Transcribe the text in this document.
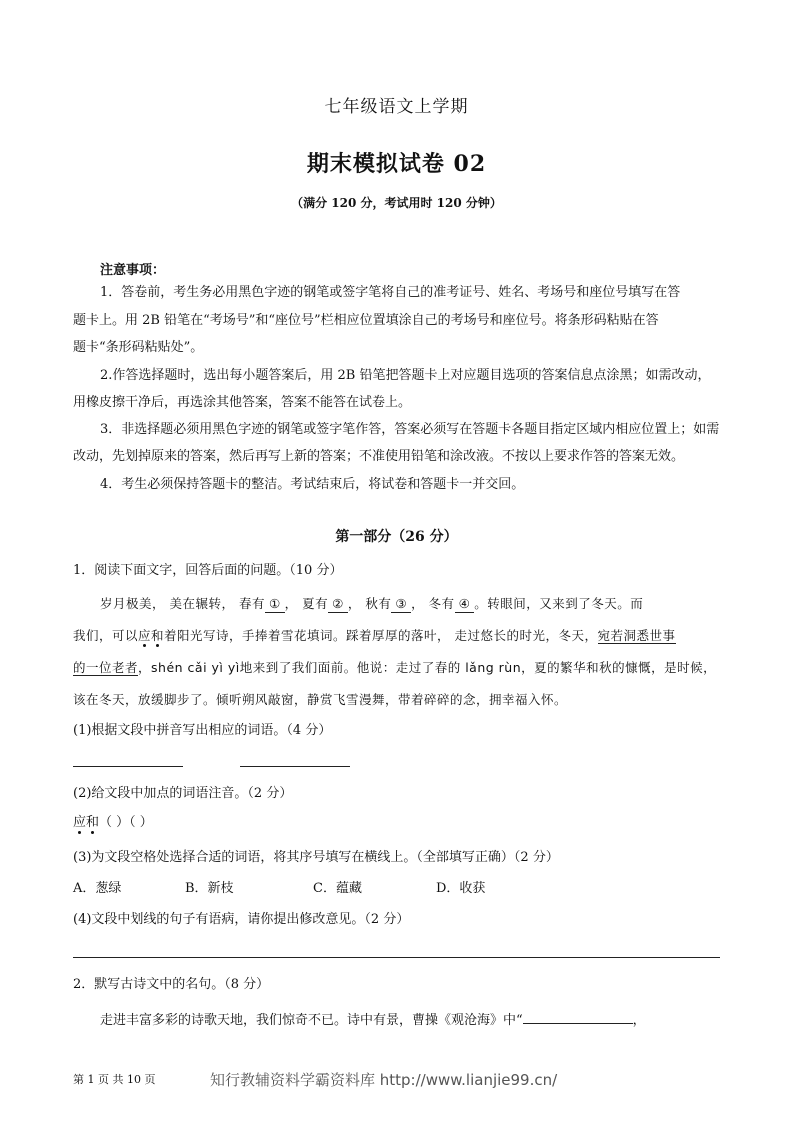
七年级语文上学期
期末模拟试卷 02
（满分 120 分，考试用时 120 分钟）
注意事项：
1．答卷前，考生务必用黑色字迹的钢笔或签字笔将自己的准考证号、姓名、考场号和座位号填写在答
题卡上。用 2B 铅笔在“考场号”和“座位号”栏相应位置填涂自己的考场号和座位号。将条形码粘贴在答
题卡“条形码粘贴处”。
2.作答选择题时，选出每小题答案后，用 2B 铅笔把答题卡上对应题目选项的答案信息点涂黑；如需改动，
用橡皮擦干净后，再选涂其他答案，答案不能答在试卷上。
3．非选择题必须用黑色字迹的钢笔或签字笔作答，答案必须写在答题卡各题目指定区域内相应位置上；如需
改动，先划掉原来的答案，然后再写上新的答案；不准使用铅笔和涂改液。不按以上要求作答的答案无效。
4．考生必须保持答题卡的整洁。考试结束后，将试卷和答题卡一并交回。
第一部分（26 分）
1．阅读下面文字，回答后面的问题。（10 分）
岁月极美， 美在辗转， 春有 ① ， 夏有 ② ， 秋有 ③ ， 冬有 ④ 。转眼间，又来到了冬天。而
我们，可以应和着阳光写诗，手捧着雪花填词。踩着厚厚的落叶， 走过悠长的时光，冬天，宛若洞悉世事
的一位老者，shén cǎi yì yì地来到了我们面前。他说：走过了春的 lǎng rùn，夏的繁华和秋的慷慨，是时候，
该在冬天，放缓脚步了。倾听朔风敲窗，静赏飞雪漫舞，带着碎碎的念，拥幸福入怀。
(1)根据文段中拼音写出相应的词语。（4 分）
(2)给文段中加点的词语注音。（2 分）
应和（ ）（ ）
(3)为文段空格处选择合适的词语，将其序号填写在横线上。（全部填写正确）（2 分）
A．葱绿	B．新枝	C．蕴藏	D．收获
(4)文段中划线的句子有语病，请你提出修改意见。（2 分）
2．默写古诗文中的名句。（8 分）
走进丰富多彩的诗歌天地，我们惊奇不已。诗中有景，曹操《观沧海》中“	，
第 1 页 共 10 页	知行教辅资料学霸资料库 http://www.lianjie99.cn/
